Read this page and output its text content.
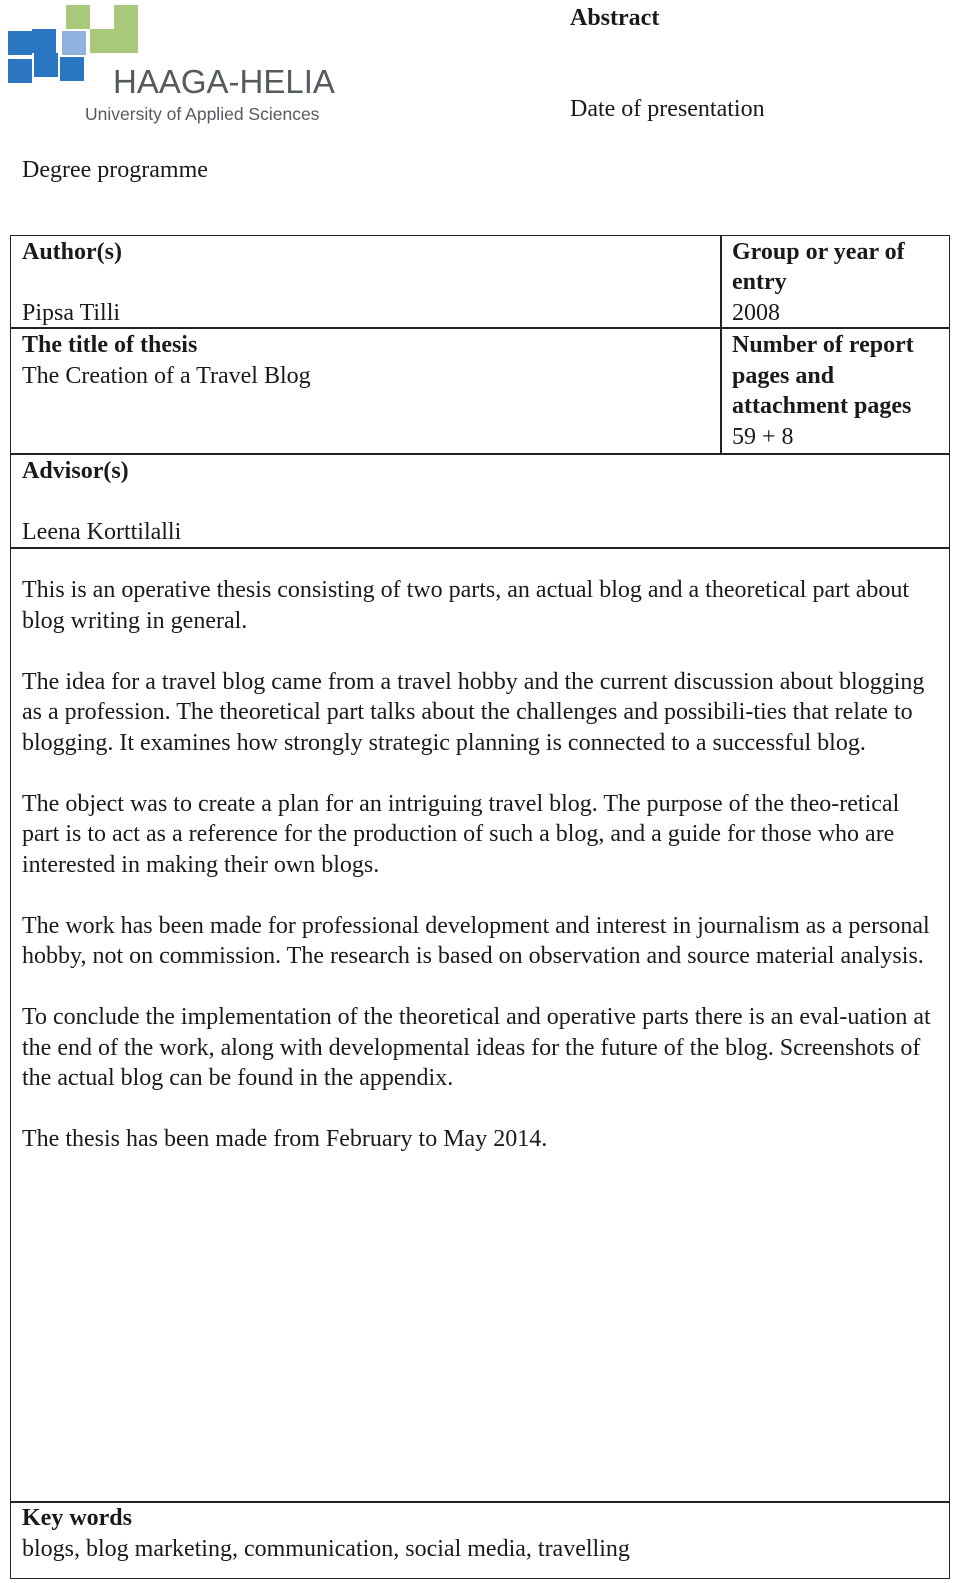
HAAGA-HELIA
University of Applied Sciences
Abstract
Date of presentation
Degree programme
Author(s)
Pipsa Tilli
Group or year of
entry
2008
The title of thesis
The Creation of a Travel Blog
Number of report
pages and
attachment pages
59 + 8
Advisor(s)
Leena Korttilalli

This is an operative thesis consisting of two parts, an actual blog and a theoretical part about blog writing in general.

The idea for a travel blog came from a travel hobby and the current discussion about blogging as a profession. The theoretical part talks about the challenges and possibili-ties that relate to blogging. It examines how strongly strategic planning is connected to a successful blog.

The object was to create a plan for an intriguing travel blog. The purpose of the theo-retical part is to act as a reference for the production of such a blog, and a guide for those who are interested in making their own blogs.

The work has been made for professional development and interest in journalism as a personal hobby, not on commission. The research is based on observation and source material analysis.

To conclude the implementation of the theoretical and operative parts there is an eval-uation at the end of the work, along with developmental ideas for the future of the blog. Screenshots of the actual blog can be found in the appendix.

The thesis has been made from February to May 2014.

Key words
blogs, blog marketing, communication, social media, travelling
